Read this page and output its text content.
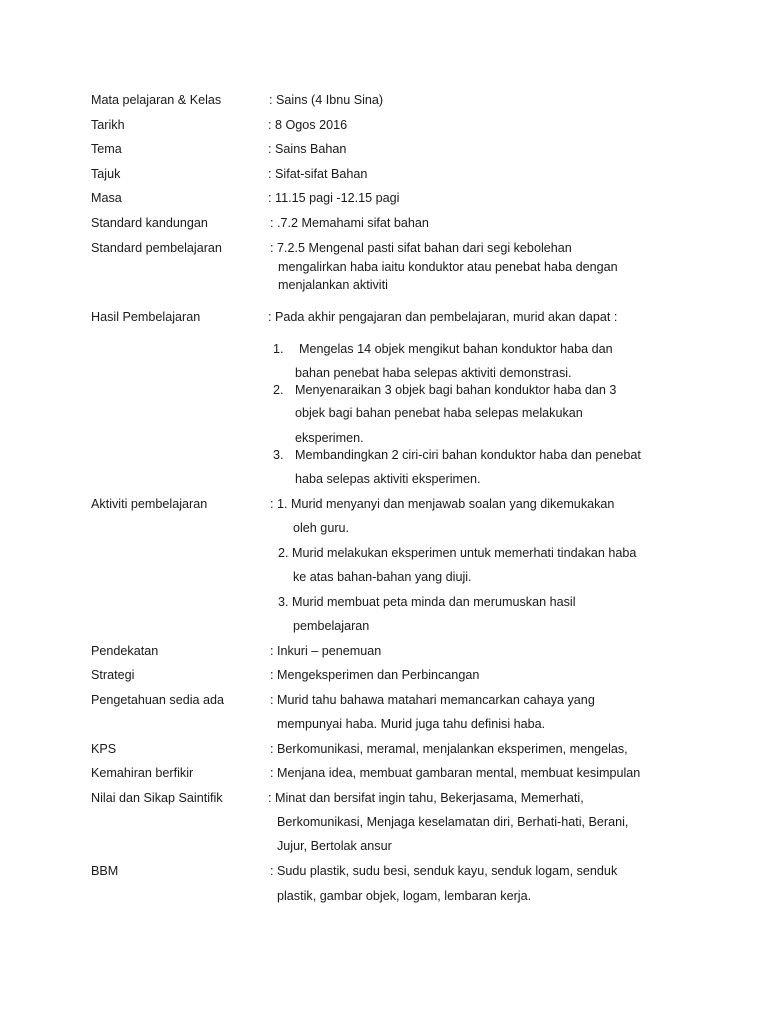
Mata pelajaran & Kelas	: Sains (4 Ibnu Sina)
Tarikh	: 8 Ogos 2016
Tema	: Sains Bahan
Tajuk	: Sifat-sifat Bahan
Masa	: 11.15 pagi -12.15 pagi
Standard kandungan	: .7.2 Memahami sifat bahan
Standard pembelajaran	: 7.2.5 Mengenal pasti sifat bahan dari segi kebolehan
mengalirkan haba iaitu konduktor atau penebat haba dengan
menjalankan aktiviti
Hasil Pembelajaran	: Pada akhir pengajaran dan pembelajaran, murid akan dapat :
1. Mengelas 14 objek mengikut bahan konduktor haba dan
bahan penebat haba selepas aktiviti demonstrasi.
2. Menyenaraikan 3 objek bagi bahan konduktor haba dan 3
objek bagi bahan penebat haba selepas melakukan
eksperimen.
3. Membandingkan 2 ciri-ciri bahan konduktor haba dan penebat
haba selepas aktiviti eksperimen.
Aktiviti pembelajaran	: 1. Murid menyanyi dan menjawab soalan yang dikemukakan
oleh guru.
2. Murid melakukan eksperimen untuk memerhati tindakan haba
ke atas bahan-bahan yang diuji.
3. Murid membuat peta minda dan merumuskan hasil
pembelajaran
Pendekatan	: Inkuri – penemuan
Strategi	: Mengeksperimen dan Perbincangan
Pengetahuan sedia ada	: Murid tahu bahawa matahari memancarkan cahaya yang
mempunyai haba. Murid juga tahu definisi haba.
KPS	: Berkomunikasi, meramal, menjalankan eksperimen, mengelas,
Kemahiran berfikir	: Menjana idea, membuat gambaran mental, membuat kesimpulan
Nilai dan Sikap Saintifik	: Minat dan bersifat ingin tahu, Bekerjasama, Memerhati,
Berkomunikasi, Menjaga keselamatan diri, Berhati-hati, Berani,
Jujur, Bertolak ansur
BBM	: Sudu plastik, sudu besi, senduk kayu, senduk logam, senduk
plastik, gambar objek, logam, lembaran kerja.
